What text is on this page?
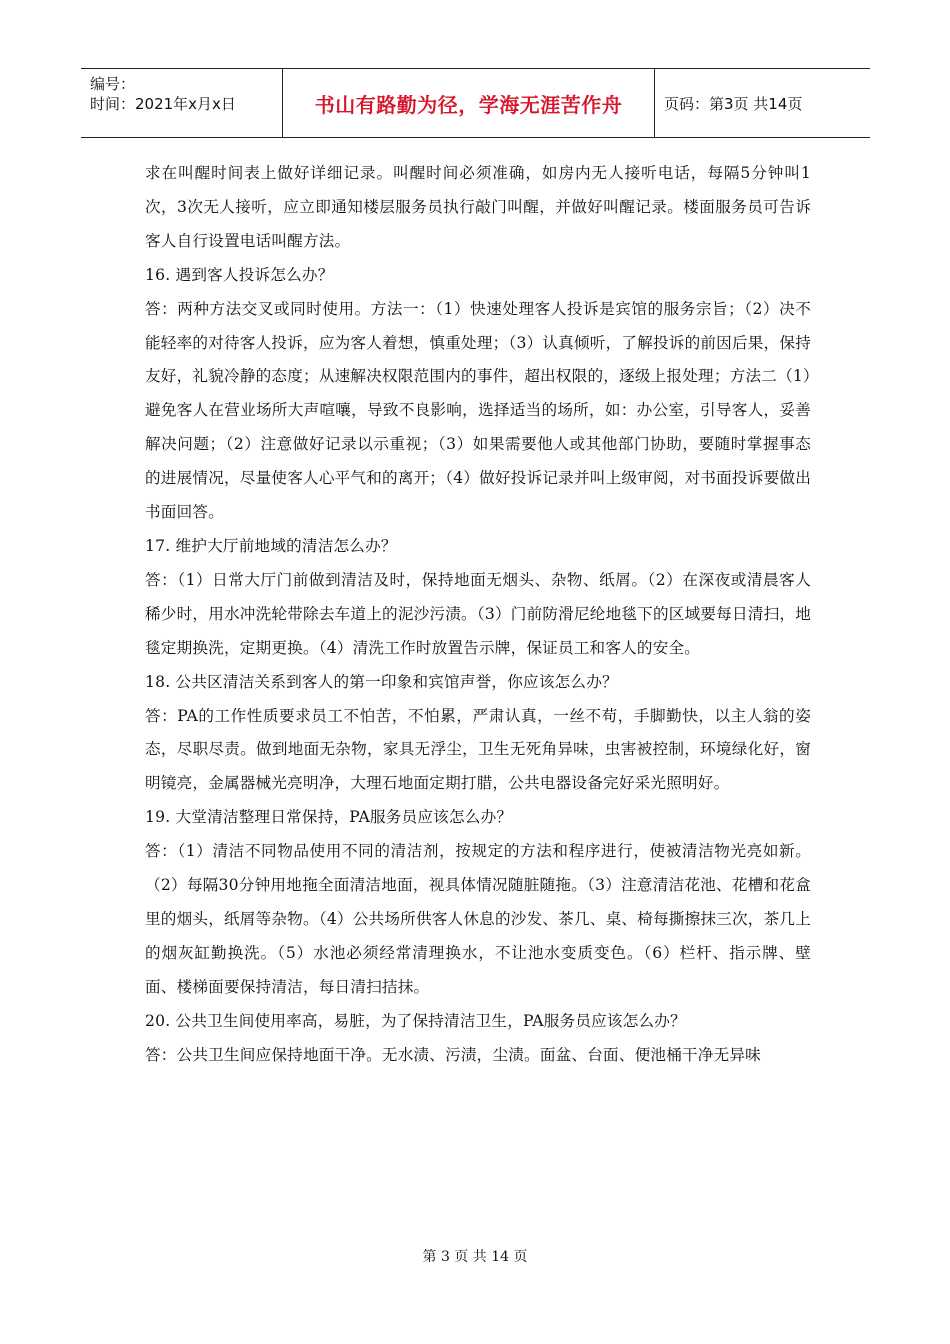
编号：
时间：2021年x月x日	书山有路勤为径，学海无涯苦作舟	页码：第3页 共14页

求在叫醒时间表上做好详细记录。叫醒时间必须准确，如房内无人接听电话，每隔5分钟叫1次，3次无人接听，应立即通知楼层服务员执行敲门叫醒，并做好叫醒记录。楼面服务员可告诉客人自行设置电话叫醒方法。

16. 遇到客人投诉怎么办？

答：两种方法交叉或同时使用。方法一：（1）快速处理客人投诉是宾馆的服务宗旨；（2）决不能轻率的对待客人投诉，应为客人着想，慎重处理；（3）认真倾听，了解投诉的前因后果，保持友好，礼貌冷静的态度；从速解决权限范围内的事件，超出权限的，逐级上报处理；方法二（1）避免客人在营业场所大声喧嚷，导致不良影响，选择适当的场所，如：办公室，引导客人，妥善解决问题；（2）注意做好记录以示重视；（3）如果需要他人或其他部门协助，要随时掌握事态的进展情况，尽量使客人心平气和的离开；（4）做好投诉记录并叫上级审阅，对书面投诉要做出书面回答。

17. 维护大厅前地域的清洁怎么办？

答：（1）日常大厅门前做到清洁及时，保持地面无烟头、杂物、纸屑。（2）在深夜或清晨客人稀少时，用水冲洗轮带除去车道上的泥沙污渍。（3）门前防滑尼纶地毯下的区域要每日清扫，地毯定期换洗，定期更换。（4）清洗工作时放置告示牌，保证员工和客人的安全。

18. 公共区清洁关系到客人的第一印象和宾馆声誉，你应该怎么办？

答：PA的工作性质要求员工不怕苦，不怕累，严肃认真，一丝不苟，手脚勤快，以主人翁的姿态，尽职尽责。做到地面无杂物，家具无浮尘，卫生无死角异味，虫害被控制，环境绿化好，窗明镜亮，金属器械光亮明净，大理石地面定期打腊，公共电器设备完好采光照明好。

19. 大堂清洁整理日常保持，PA服务员应该怎么办？

答：（1）清洁不同物品使用不同的清洁剂，按规定的方法和程序进行，使被清洁物光亮如新。（2）每隔30分钟用地拖全面清洁地面，视具体情况随脏随拖。（3）注意清洁花池、花槽和花盒里的烟头，纸屑等杂物。（4）公共场所供客人休息的沙发、茶几、桌、椅每撕擦抹三次，茶几上的烟灰缸勤换洗。（5）水池必须经常清理换水，不让池水变质变色。（6）栏杆、指示牌、壁面、楼梯面要保持清洁，每日清扫拮抹。

20. 公共卫生间使用率高，易脏，为了保持清洁卫生，PA服务员应该怎么办？

答：公共卫生间应保持地面干净。无水渍、污渍，尘渍。面盆、台面、便池桶干净无异味

第 3 页 共 14 页
